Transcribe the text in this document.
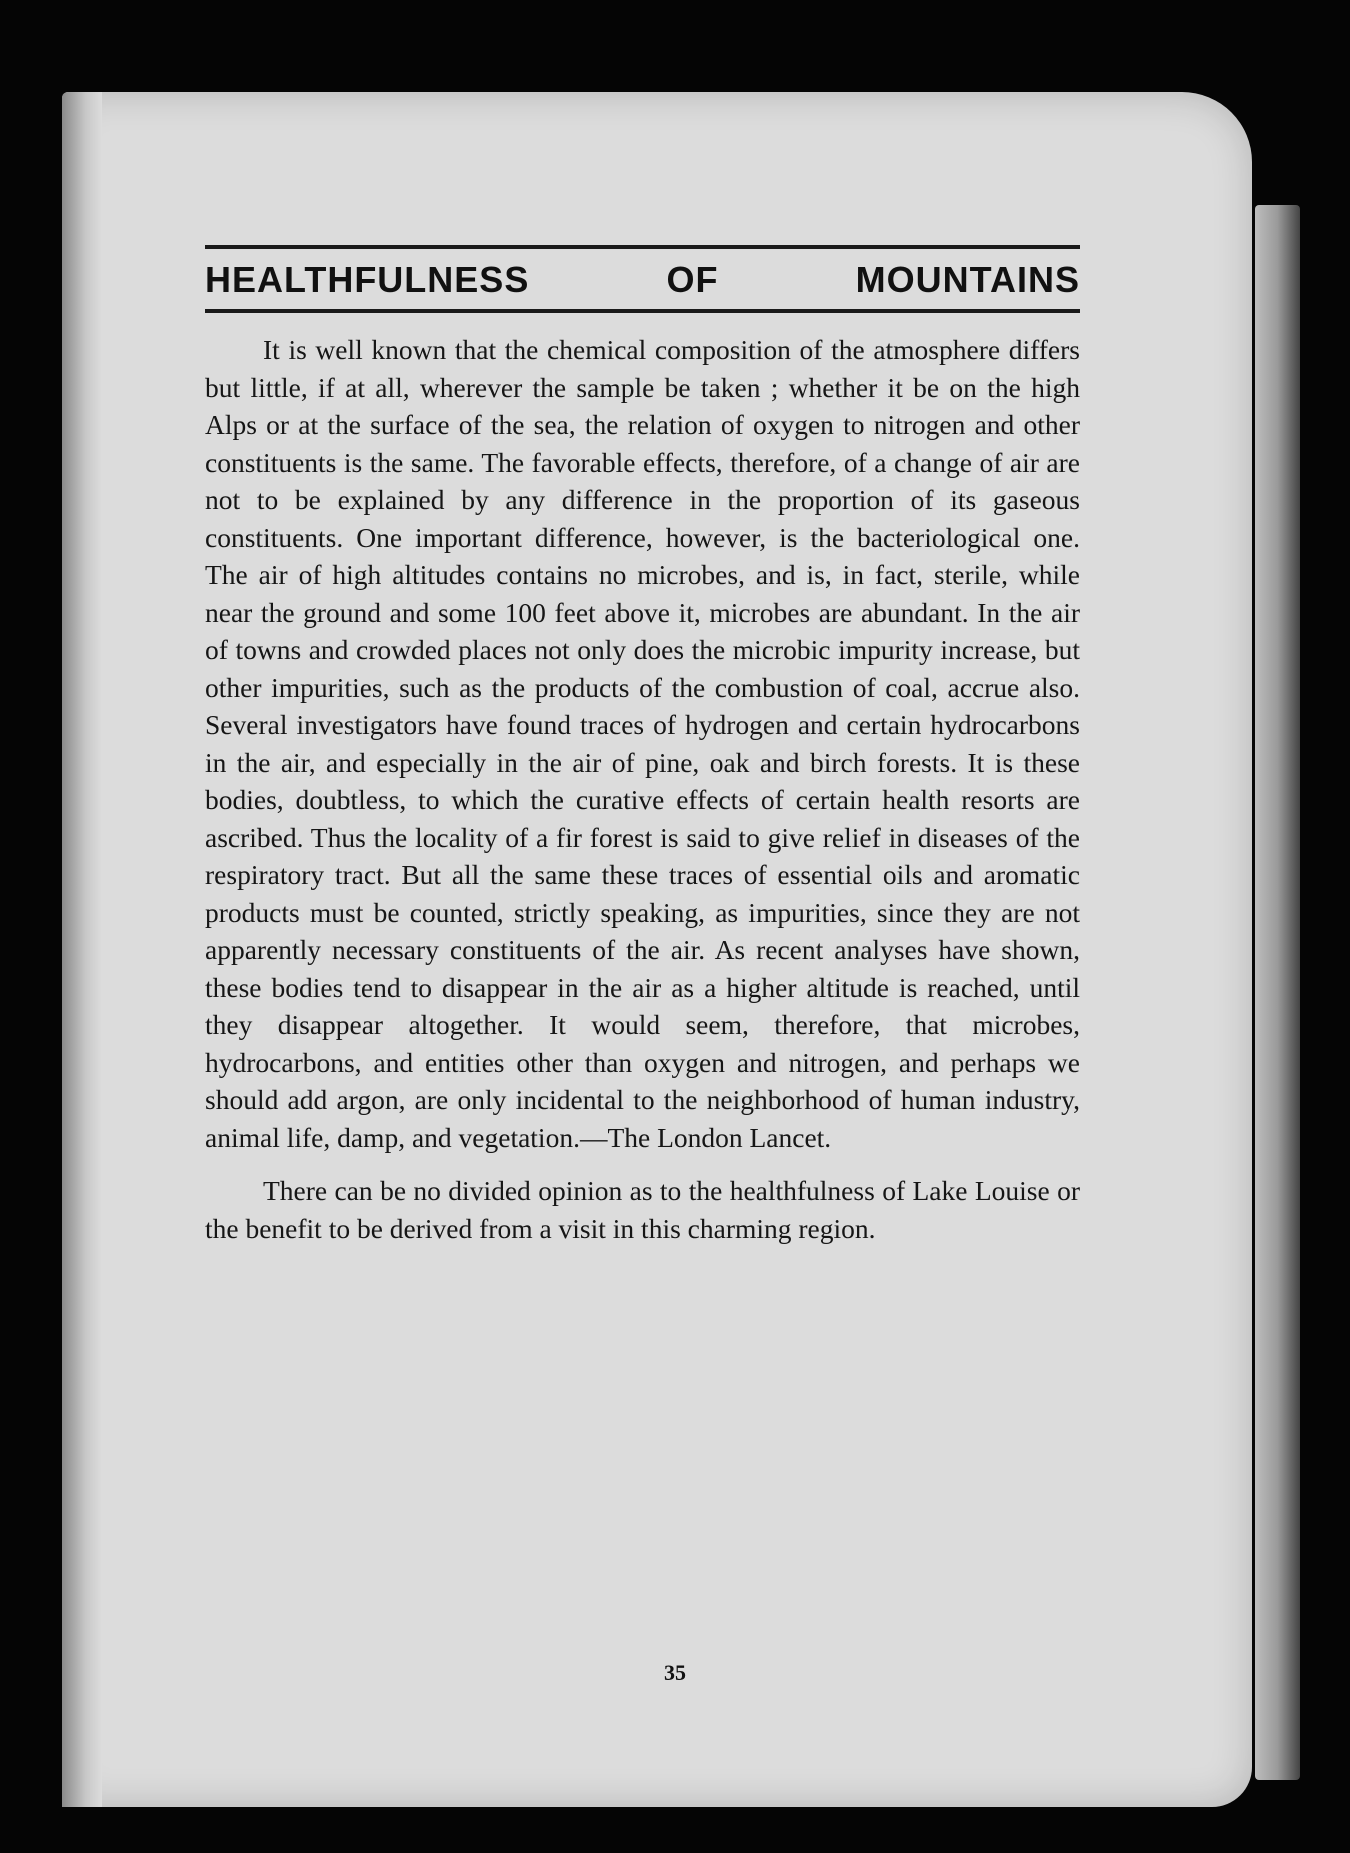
HEALTHFULNESS	OF	MOUNTAINS

It is well known that the chemical composition of the atmosphere differs but little, if at all, wherever the sample be taken ; whether it be on the high Alps or at the surface of the sea, the relation of oxygen to nitrogen and other constituents is the same. The favorable effects, therefore, of a change of air are not to be explained by any difference in the proportion of its gaseous constituents. One important difference, however, is the bacteriological one. The air of high altitudes contains no microbes, and is, in fact, sterile, while near the ground and some 100 feet above it, microbes are abundant. In the air of towns and crowded places not only does the microbic impurity increase, but other impurities, such as the products of the combustion of coal, accrue also. Several investigators have found traces of hydrogen and certain hydrocarbons in the air, and especially in the air of pine, oak and birch forests. It is these bodies, doubtless, to which the curative effects of certain health resorts are ascribed. Thus the locality of a fir forest is said to give relief in diseases of the respiratory tract. But all the same these traces of essential oils and aromatic products must be counted, strictly speaking, as impurities, since they are not apparently necessary constituents of the air. As recent analyses have shown, these bodies tend to disappear in the air as a higher altitude is reached, until they disappear altogether. It would seem, therefore, that microbes, hydrocarbons, and entities other than oxygen and nitrogen, and perhaps we should add argon, are only incidental to the neighborhood of human industry, animal life, damp, and vegetation.—The London Lancet.

There can be no divided opinion as to the healthfulness of Lake Louise or the benefit to be derived from a visit in this charming region.

35
